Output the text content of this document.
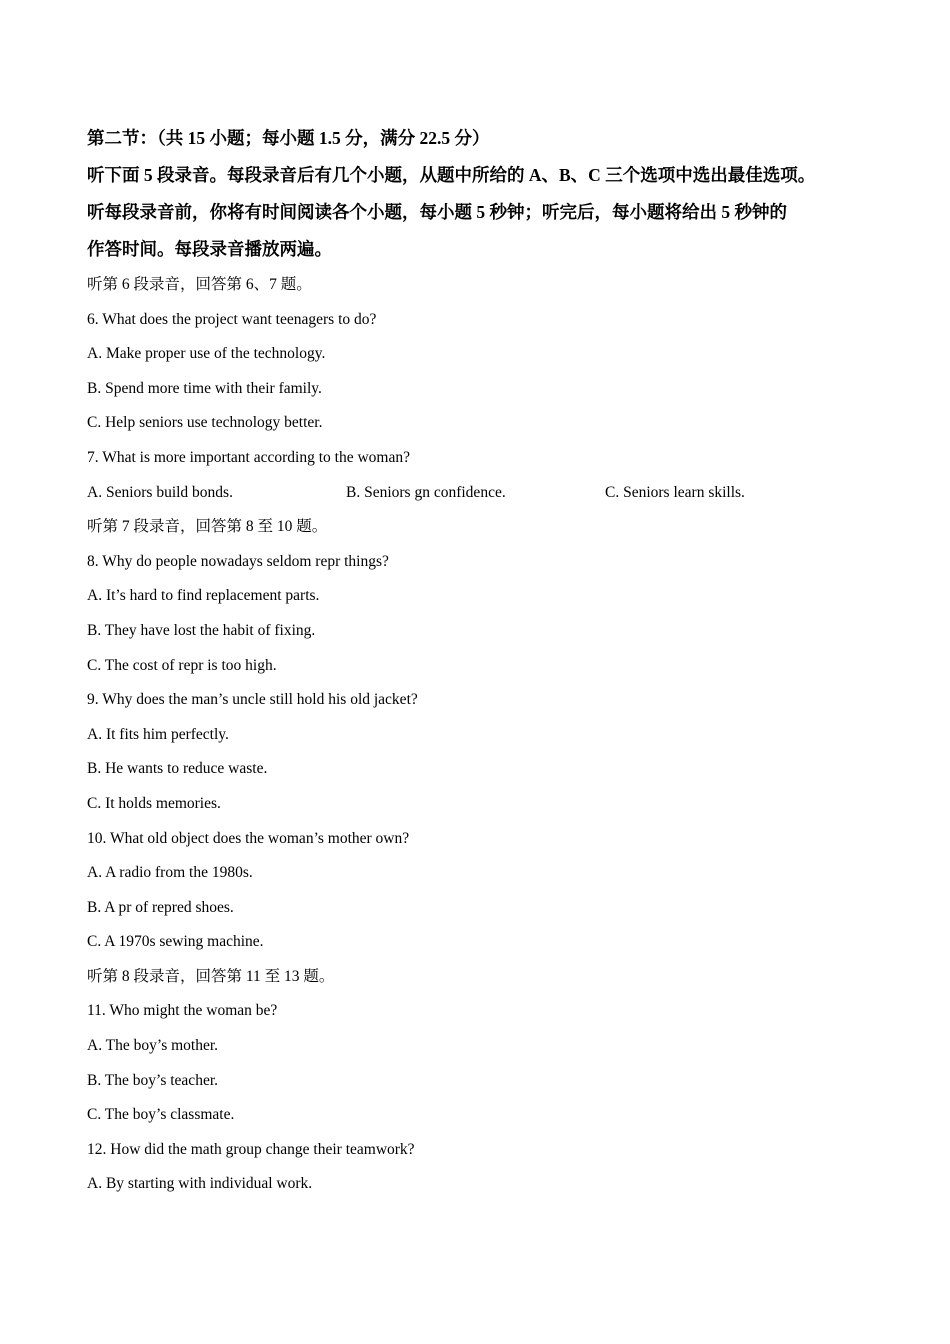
第二节：（共 15 小题；每小题 1.5 分，满分 22.5 分）

听下面 5 段录音。每段录音后有几个小题，从题中所给的 A、B、C 三个选项中选出最佳选项。

听每段录音前，你将有时间阅读各个小题，每小题 5 秒钟；听完后，每小题将给出 5 秒钟的

作答时间。每段录音播放两遍。

听第 6 段录音，回答第 6、7 题。

6. What does the project want teenagers to do?

A. Make proper use of the technology.

B. Spend more time with their family.

C. Help seniors use technology better.

7. What is more important according to the woman?

A. Seniors build bonds.	B. Seniors gn confidence.	C. Seniors learn skills.

听第 7 段录音，回答第 8 至 10 题。

8. Why do people nowadays seldom repr things?

A. It’s hard to find replacement parts.

B. They have lost the habit of fixing.

C. The cost of repr is too high.

9. Why does the man’s uncle still hold his old jacket?

A. It fits him perfectly.

B. He wants to reduce waste.

C. It holds memories.

10. What old object does the woman’s mother own?

A. A radio from the 1980s.

B. A pr of repred shoes.

C. A 1970s sewing machine.

听第 8 段录音，回答第 11 至 13 题。

11. Who might the woman be?

A. The boy’s mother.

B. The boy’s teacher.

C. The boy’s classmate.

12. How did the math group change their teamwork?

A. By starting with individual work.
